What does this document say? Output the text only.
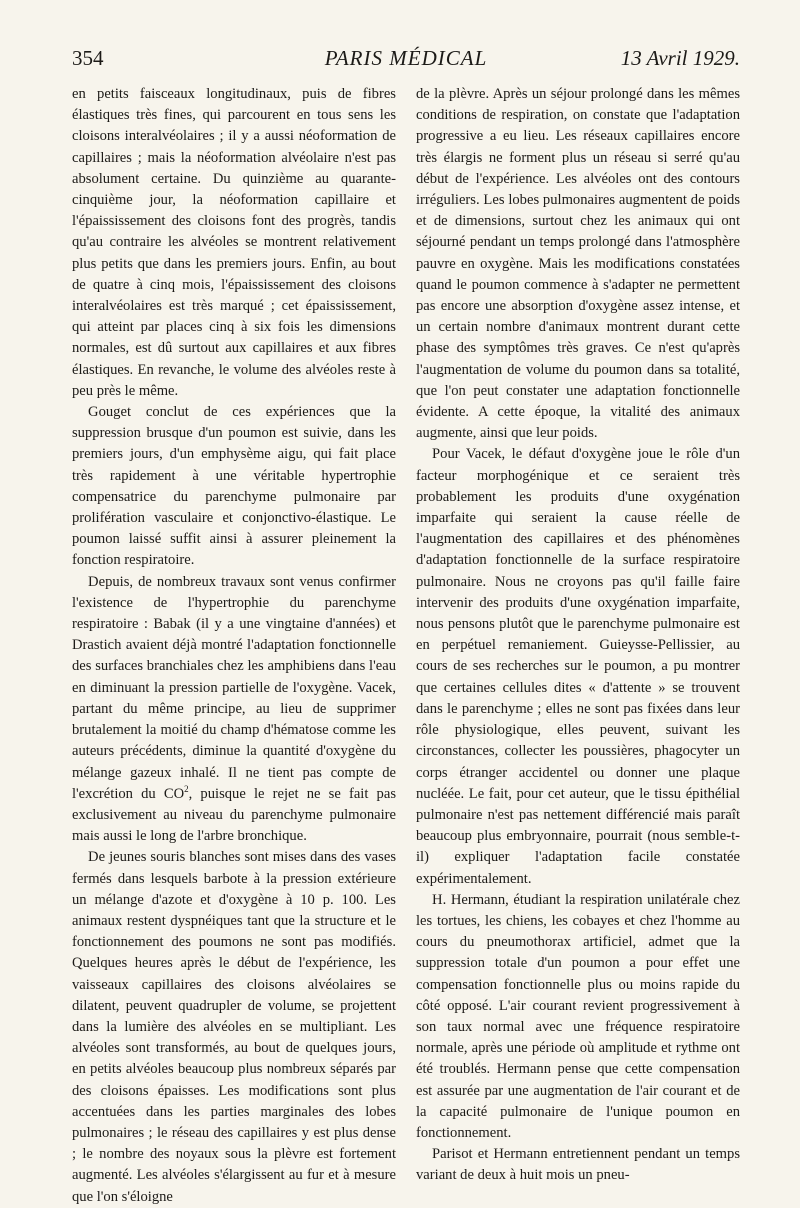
354	PARIS MÉDICAL	13 Avril 1929.

en petits faisceaux longitudinaux, puis de fibres élastiques très fines, qui parcourent en tous sens les cloisons interalvéolaires ; il y a aussi néoformation de capillaires ; mais la néoformation alvéolaire n'est pas absolument certaine. Du quinzième au quarante-cinquième jour, la néoformation capillaire et l'épaississement des cloisons font des progrès, tandis qu'au contraire les alvéoles se montrent relativement plus petits que dans les premiers jours. Enfin, au bout de quatre à cinq mois, l'épaississement des cloisons interalvéolaires est très marqué ; cet épaississement, qui atteint par places cinq à six fois les dimensions normales, est dû surtout aux capillaires et aux fibres élastiques. En revanche, le volume des alvéoles reste à peu près le même.

Gouget conclut de ces expériences que la suppression brusque d'un poumon est suivie, dans les premiers jours, d'un emphysème aigu, qui fait place très rapidement à une véritable hypertrophie compensatrice du parenchyme pulmonaire par prolifération vasculaire et conjonctivo-élastique. Le poumon laissé suffit ainsi à assurer pleinement la fonction respiratoire.

Depuis, de nombreux travaux sont venus confirmer l'existence de l'hypertrophie du parenchyme respiratoire : Babak (il y a une vingtaine d'années) et Drastich avaient déjà montré l'adaptation fonctionnelle des surfaces branchiales chez les amphibiens dans l'eau en diminuant la pression partielle de l'oxygène. Vacek, partant du même principe, au lieu de supprimer brutalement la moitié du champ d'hématose comme les auteurs précédents, diminue la quantité d'oxygène du mélange gazeux inhalé. Il ne tient pas compte de l'excrétion du $CO^2$, puisque le rejet ne se fait pas exclusivement au niveau du parenchyme pulmonaire mais aussi le long de l'arbre bronchique.

De jeunes souris blanches sont mises dans des vases fermés dans lesquels barbote à la pression extérieure un mélange d'azote et d'oxygène à 10 p. 100. Les animaux restent dyspnéiques tant que la structure et le fonctionnement des poumons ne sont pas modifiés. Quelques heures après le début de l'expérience, les vaisseaux capillaires des cloisons alvéolaires se dilatent, peuvent quadrupler de volume, se projettent dans la lumière des alvéoles en se multipliant. Les alvéoles sont transformés, au bout de quelques jours, en petits alvéoles beaucoup plus nombreux séparés par des cloisons épaisses. Les modifications sont plus accentuées dans les parties marginales des lobes pulmonaires ; le réseau des capillaires y est plus dense ; le nombre des noyaux sous la plèvre est fortement augmenté. Les alvéoles s'élargissent au fur et à mesure que l'on s'éloigne

de la plèvre. Après un séjour prolongé dans les mêmes conditions de respiration, on constate que l'adaptation progressive a eu lieu. Les réseaux capillaires encore très élargis ne forment plus un réseau si serré qu'au début de l'expérience. Les alvéoles ont des contours irréguliers. Les lobes pulmonaires augmentent de poids et de dimensions, surtout chez les animaux qui ont séjourné pendant un temps prolongé dans l'atmosphère pauvre en oxygène. Mais les modifications constatées quand le poumon commence à s'adapter ne permettent pas encore une absorption d'oxygène assez intense, et un certain nombre d'animaux montrent durant cette phase des symptômes très graves. Ce n'est qu'après l'augmentation de volume du poumon dans sa totalité, que l'on peut constater une adaptation fonctionnelle évidente. A cette époque, la vitalité des animaux augmente, ainsi que leur poids.

Pour Vacek, le défaut d'oxygène joue le rôle d'un facteur morphogénique et ce seraient très probablement les produits d'une oxygénation imparfaite qui seraient la cause réelle de l'augmentation des capillaires et des phénomènes d'adaptation fonctionnelle de la surface respiratoire pulmonaire. Nous ne croyons pas qu'il faille faire intervenir des produits d'une oxygénation imparfaite, nous pensons plutôt que le parenchyme pulmonaire est en perpétuel remaniement. Guieysse-Pellissier, au cours de ses recherches sur le poumon, a pu montrer que certaines cellules dites « d'attente » se trouvent dans le parenchyme ; elles ne sont pas fixées dans leur rôle physiologique, elles peuvent, suivant les circonstances, collecter les poussières, phagocyter un corps étranger accidentel ou donner une plaque nucléée. Le fait, pour cet auteur, que le tissu épithélial pulmonaire n'est pas nettement différencié mais paraît beaucoup plus embryonnaire, pourrait (nous semble-t-il) expliquer l'adaptation facile constatée expérimentalement.

H. Hermann, étudiant la respiration unilatérale chez les tortues, les chiens, les cobayes et chez l'homme au cours du pneumothorax artificiel, admet que la suppression totale d'un poumon a pour effet une compensation fonctionnelle plus ou moins rapide du côté opposé. L'air courant revient progressivement à son taux normal avec une fréquence respiratoire normale, après une période où amplitude et rythme ont été troublés. Hermann pense que cette compensation est assurée par une augmentation de l'air courant et de la capacité pulmonaire de l'unique poumon en fonctionnement.

Parisot et Hermann entretiennent pendant un temps variant de deux à huit mois un pneu-
